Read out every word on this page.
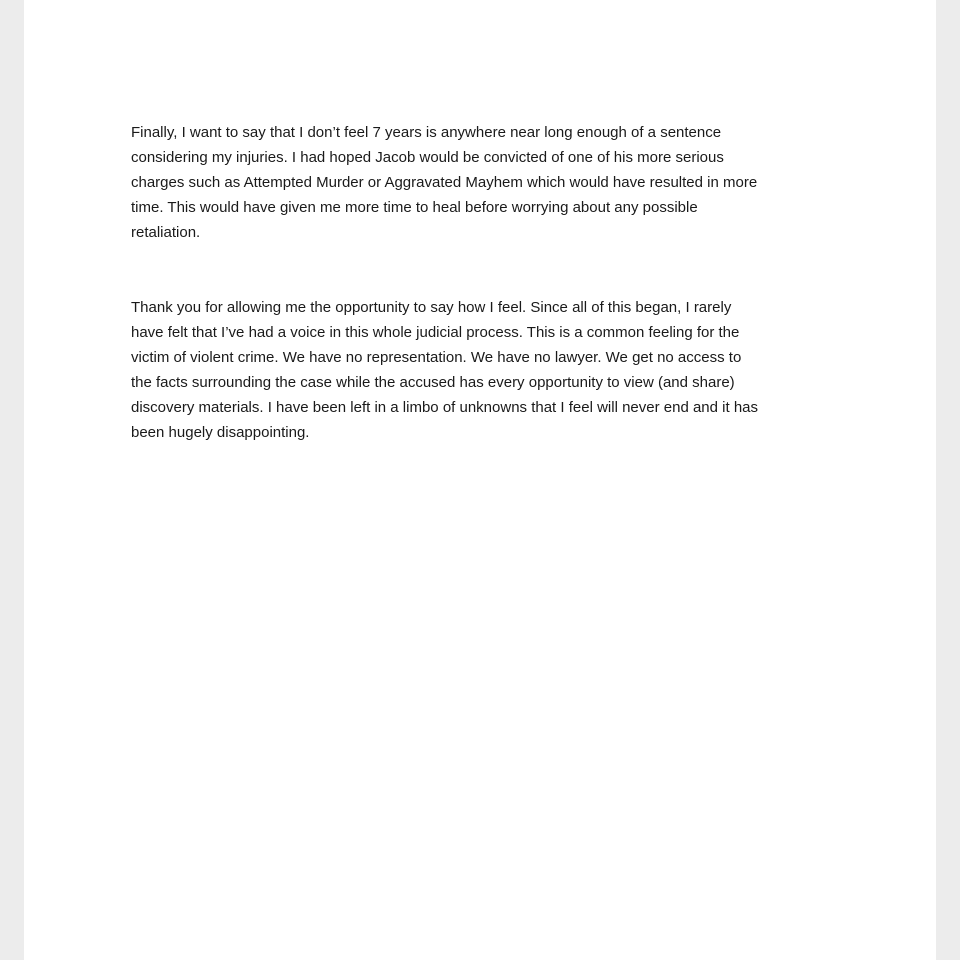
Finally, I want to say that I don’t feel 7 years is anywhere near long enough of a sentence
considering my injuries. I had hoped Jacob would be convicted of one of his more serious
charges such as Attempted Murder or Aggravated Mayhem which would have resulted in more
time. This would have given me more time to heal before worrying about any possible
retaliation.

Thank you for allowing me the opportunity to say how I feel. Since all of this began, I rarely
have felt that I’ve had a voice in this whole judicial process. This is a common feeling for the
victim of violent crime. We have no representation. We have no lawyer. We get no access to
the facts surrounding the case while the accused has every opportunity to view (and share)
discovery materials. I have been left in a limbo of unknowns that I feel will never end and it has
been hugely disappointing.
